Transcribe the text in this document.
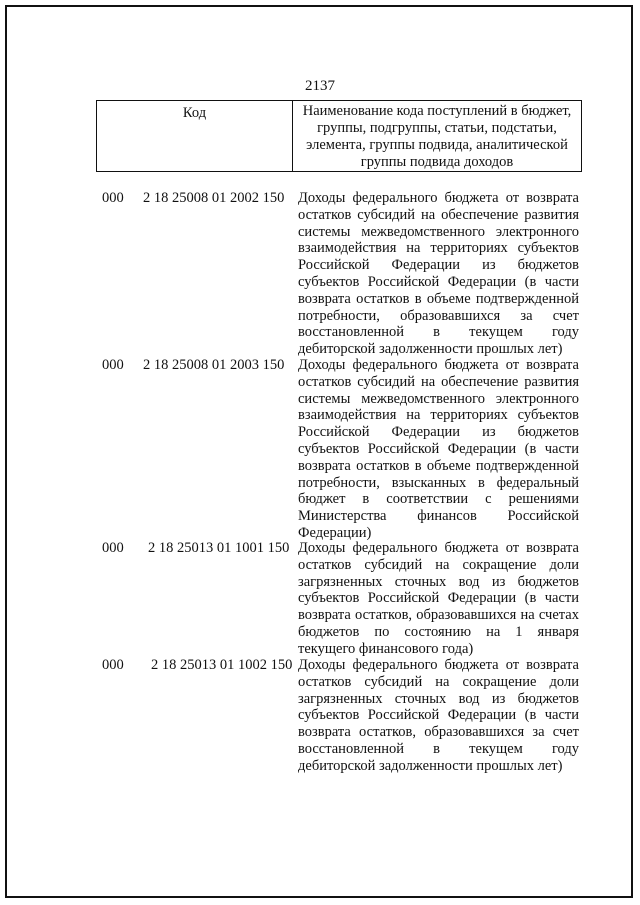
2137
Код	Наименование кода поступлений в бюджет, группы, подгруппы, статьи, подстатьи, элемента, группы подвида, аналитической группы подвида доходов
000 2 18 25008 01 2002 150 Доходы федерального бюджета от возврата остатков субсидий на обеспечение развития системы межведомственного электронного взаимодействия на территориях субъектов Российской Федерации из бюджетов субъектов Российской Федерации (в части возврата остатков в объеме подтвержденной потребности, образовавшихся за счет восстановленной в текущем году дебиторской задолженности прошлых лет)
000 2 18 25008 01 2003 150 Доходы федерального бюджета от возврата остатков субсидий на обеспечение развития системы межведомственного электронного взаимодействия на территориях субъектов Российской Федерации из бюджетов субъектов Российской Федерации (в части возврата остатков в объеме подтвержденной потребности, взысканных в федеральный бюджет в соответствии с решениями Министерства финансов Российской Федерации)
000 2 18 25013 01 1001 150 Доходы федерального бюджета от возврата остатков субсидий на сокращение доли загрязненных сточных вод из бюджетов субъектов Российской Федерации (в части возврата остатков, образовавшихся на счетах бюджетов по состоянию на 1 января текущего финансового года)
000 2 18 25013 01 1002 150 Доходы федерального бюджета от возврата остатков субсидий на сокращение доли загрязненных сточных вод из бюджетов субъектов Российской Федерации (в части возврата остатков, образовавшихся за счет восстановленной в текущем году дебиторской задолженности прошлых лет)
